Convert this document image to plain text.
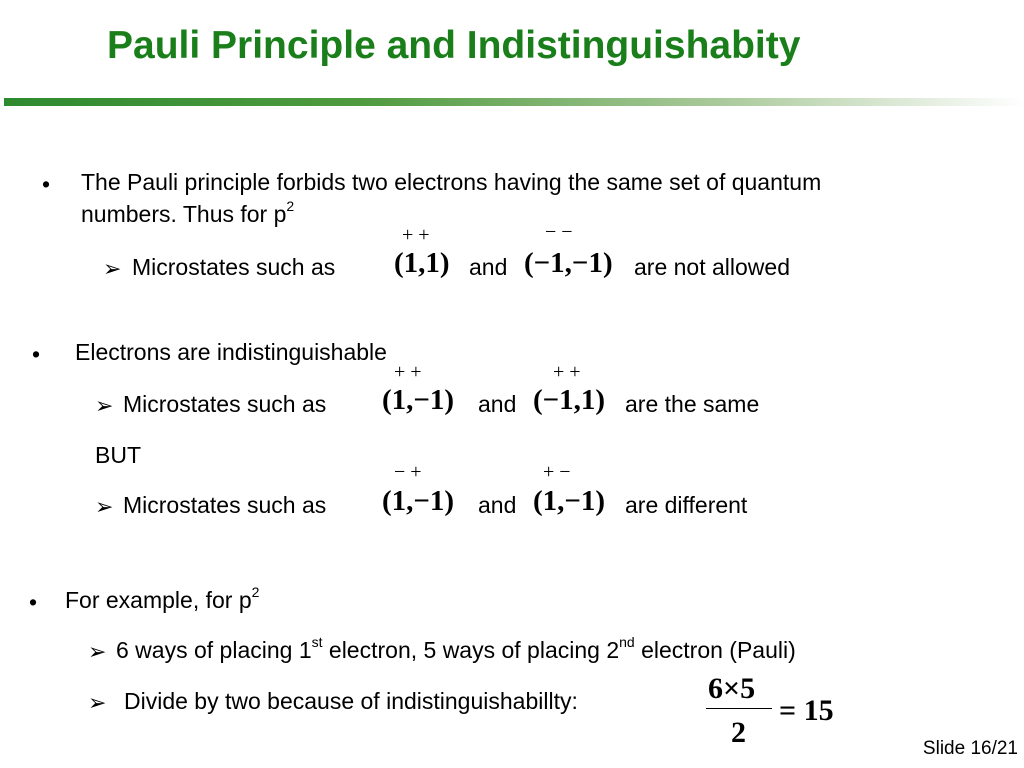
Pauli Principle and Indistinguishabity
• The Pauli principle forbids two electrons having the same set of quantum
numbers. Thus for $p^2$
+ +	− −
➢ Microstates such as (1,1) and (−1,−1) are not allowed
• Electrons are indistinguishable
+ +	+ +
➢ Microstates such as (1,−1) and (−1,1) are the same
BUT
− +	+ −
➢ Microstates such as (1,−1) and (1,−1) are different
• For example, for $p^2$
➢ 6 ways of placing 1st electron, 5 ways of placing 2nd electron (Pauli)
➢ Divide by two because of indistinguishabillty:	6×5
2
= 15
Slide 16/21
